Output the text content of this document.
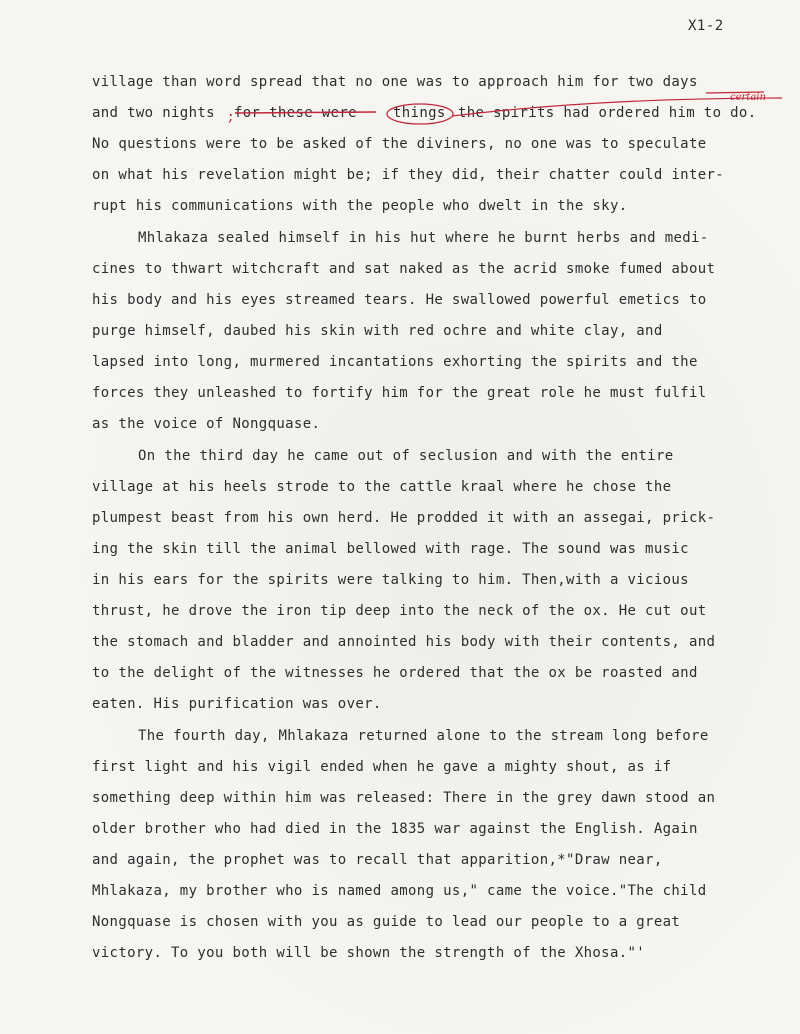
X1-2
village than word spread that no one was to approach him for two days
and two nights for these were	things the spirits had ordered him to do.
No questions were to be asked of the diviners, no one was to speculate
on what his revelation might be; if they did, their chatter could inter-
rupt his communications with the people who dwelt in the sky.
Mhlakaza sealed himself in his hut where he burnt herbs and medi-
cines to thwart witchcraft and sat naked as the acrid smoke fumed about
his body and his eyes streamed tears. He swallowed powerful emetics to
purge himself, daubed his skin with red ochre and white clay, and
lapsed into long, murmered incantations exhorting the spirits and the
forces they unleashed to fortify him for the great role he must fulfil
as the voice of Nongquase.
On the third day he came out of seclusion and with the entire
village at his heels strode to the cattle kraal where he chose the
plumpest beast from his own herd. He prodded it with an assegai, prick-
ing the skin till the animal bellowed with rage. The sound was music
in his ears for the spirits were talking to him. Then,with a vicious
thrust, he drove the iron tip deep into the neck of the ox. He cut out
the stomach and bladder and annointed his body with their contents, and
to the delight of the witnesses he ordered that the ox be roasted and
eaten. His purification was over.
The fourth day, Mhlakaza returned alone to the stream long before
first light and his vigil ended when he gave a mighty shout, as if
something deep within him was released: There in the grey dawn stood an
older brother who had died in the 1835 war against the English. Again
and again, the prophet was to recall that apparition,*"Draw near,
Mhlakaza, my brother who is named among us," came the voice."The child
Nongquase is chosen with you as guide to lead our people to a great
victory. To you both will be shown the strength of the Xhosa."'
;
certain
